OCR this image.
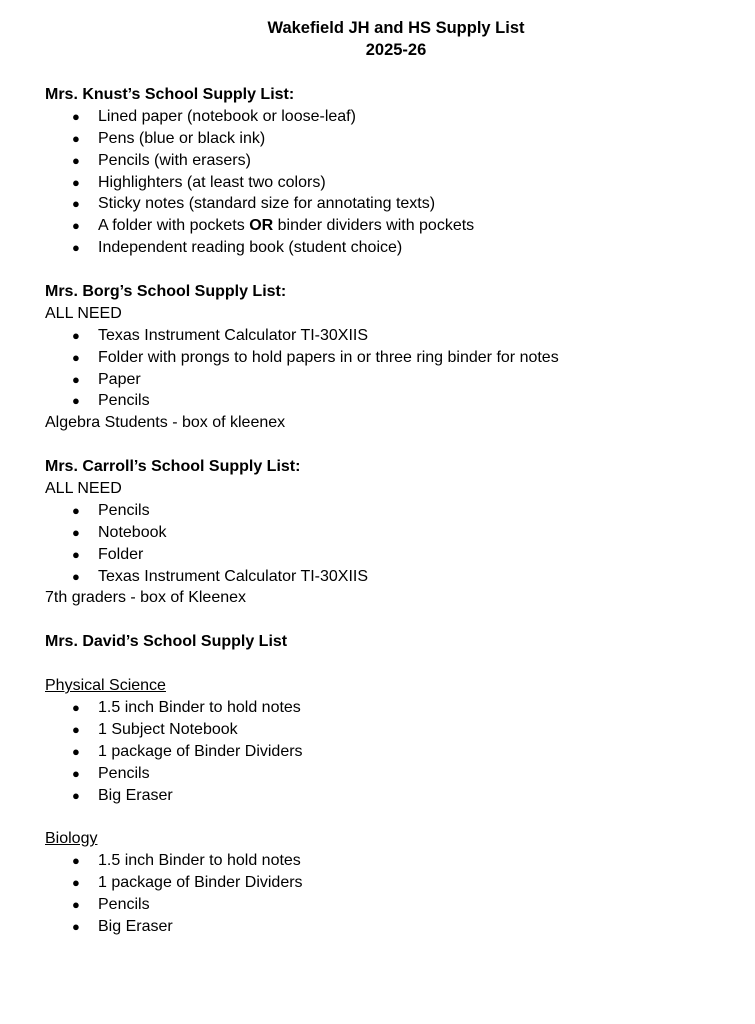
Wakefield JH and HS Supply List
2025-26
Mrs. Knust’s School Supply List:
● Lined paper (notebook or loose-leaf)
● Pens (blue or black ink)
● Pencils (with erasers)
● Highlighters (at least two colors)
● Sticky notes (standard size for annotating texts)
● A folder with pockets OR binder dividers with pockets
● Independent reading book (student choice)
Mrs. Borg’s School Supply List:
ALL NEED
● Texas Instrument Calculator TI-30XIIS
● Folder with prongs to hold papers in or three ring binder for notes
● Paper
● Pencils
Algebra Students - box of kleenex
Mrs. Carroll’s School Supply List:
ALL NEED
● Pencils
● Notebook
● Folder
● Texas Instrument Calculator TI-30XIIS
7th graders - box of Kleenex
Mrs. David’s School Supply List
Physical Science
● 1.5 inch Binder to hold notes
● 1 Subject Notebook
● 1 package of Binder Dividers
● Pencils
● Big Eraser
Biology
● 1.5 inch Binder to hold notes
● 1 package of Binder Dividers
● Pencils
● Big Eraser
